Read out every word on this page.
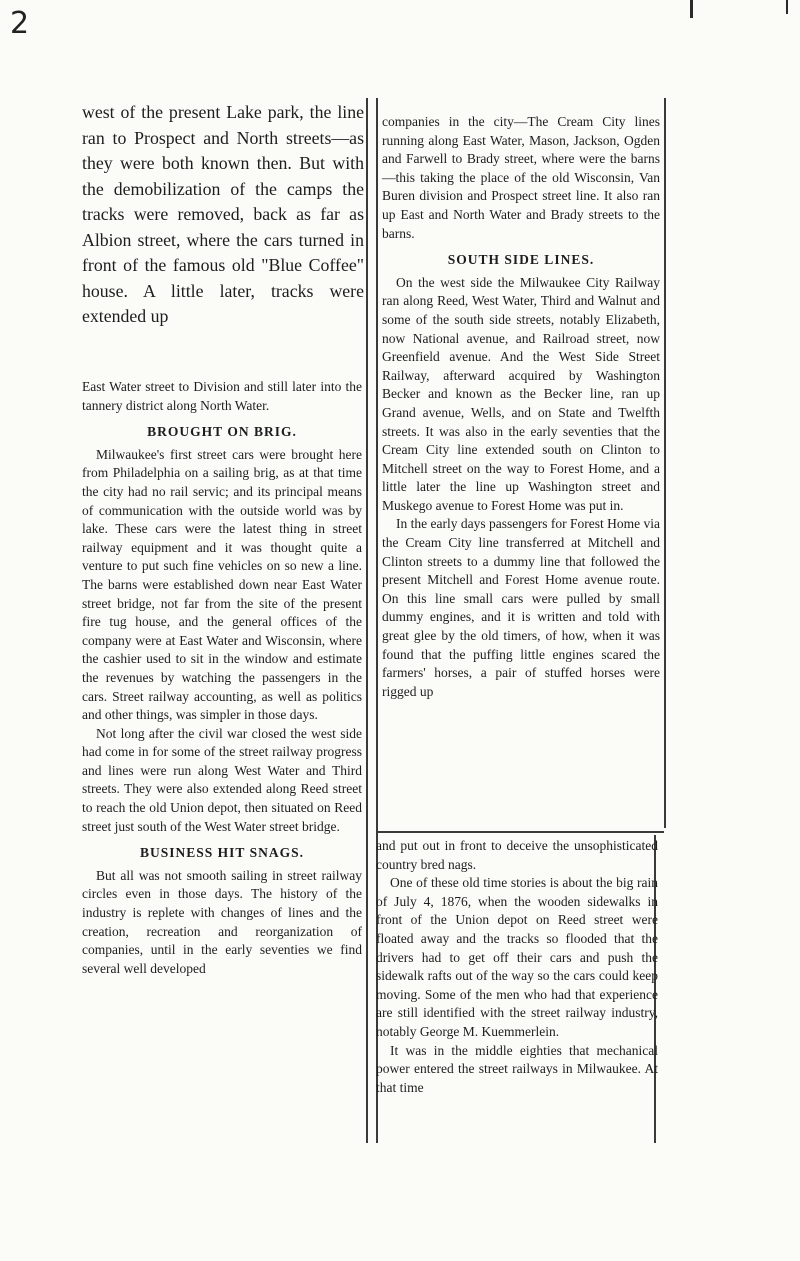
2

west of the present Lake park, the line ran to Prospect and North streets—as they were both known then. But with the demobilization of the camps the tracks were removed, back as far as Albion street, where the cars turned in front of the famous old "Blue Coffee" house. A little later, tracks were extended up

East Water street to Division and still later into the tannery district along North Water.

BROUGHT ON BRIG.

Milwaukee's first street cars were brought here from Philadelphia on a sailing brig, as at that time the city had no rail servic; and its principal means of communication with the outside world was by lake. These cars were the latest thing in street railway equipment and it was thought quite a venture to put such fine vehicles on so new a line. The barns were established down near East Water street bridge, not far from the site of the present fire tug house, and the general offices of the company were at East Water and Wisconsin, where the cashier used to sit in the window and estimate the revenues by watching the passengers in the cars. Street railway accounting, as well as politics and other things, was simpler in those days.

Not long after the civil war closed the west side had come in for some of the street railway progress and lines were run along West Water and Third streets. They were also extended along Reed street to reach the old Union depot, then situated on Reed street just south of the West Water street bridge.

BUSINESS HIT SNAGS.

But all was not smooth sailing in street railway circles even in those days. The history of the industry is replete with changes of lines and the creation, recreation and reorganization of companies, until in the early seventies we find several well developed

companies in the city—The Cream City lines running along East Water, Mason, Jackson, Ogden and Farwell to Brady street, where were the barns —this taking the place of the old Wisconsin, Van Buren division and Prospect street line. It also ran up East and North Water and Brady streets to the barns.

SOUTH SIDE LINES.

On the west side the Milwaukee City Railway ran along Reed, West Water, Third and Walnut and some of the south side streets, notably Elizabeth, now National avenue, and Railroad street, now Greenfield avenue. And the West Side Street Railway, afterward acquired by Washington Becker and known as the Becker line, ran up Grand avenue, Wells, and on State and Twelfth streets. It was also in the early seventies that the Cream City line extended south on Clinton to Mitchell street on the way to Forest Home, and a little later the line up Washington street and Muskego avenue to Forest Home was put in.

In the early days passengers for Forest Home via the Cream City line transferred at Mitchell and Clinton streets to a dummy line that followed the present Mitchell and Forest Home avenue route. On this line small cars were pulled by small dummy engines, and it is written and told with great glee by the old timers, of how, when it was found that the puffing little engines scared the farmers' horses, a pair of stuffed horses were rigged up

and put out in front to deceive the unsophisticated country bred nags.

One of these old time stories is about the big rain of July 4, 1876, when the wooden sidewalks in front of the Union depot on Reed street were floated away and the tracks so flooded that the drivers had to get off their cars and push the sidewalk rafts out of the way so the cars could keep moving. Some of the men who had that experience are still identified with the street railway industry, notably George M. Kuemmerlein.

It was in the middle eighties that mechanical power entered the street railways in Milwaukee. At that time
